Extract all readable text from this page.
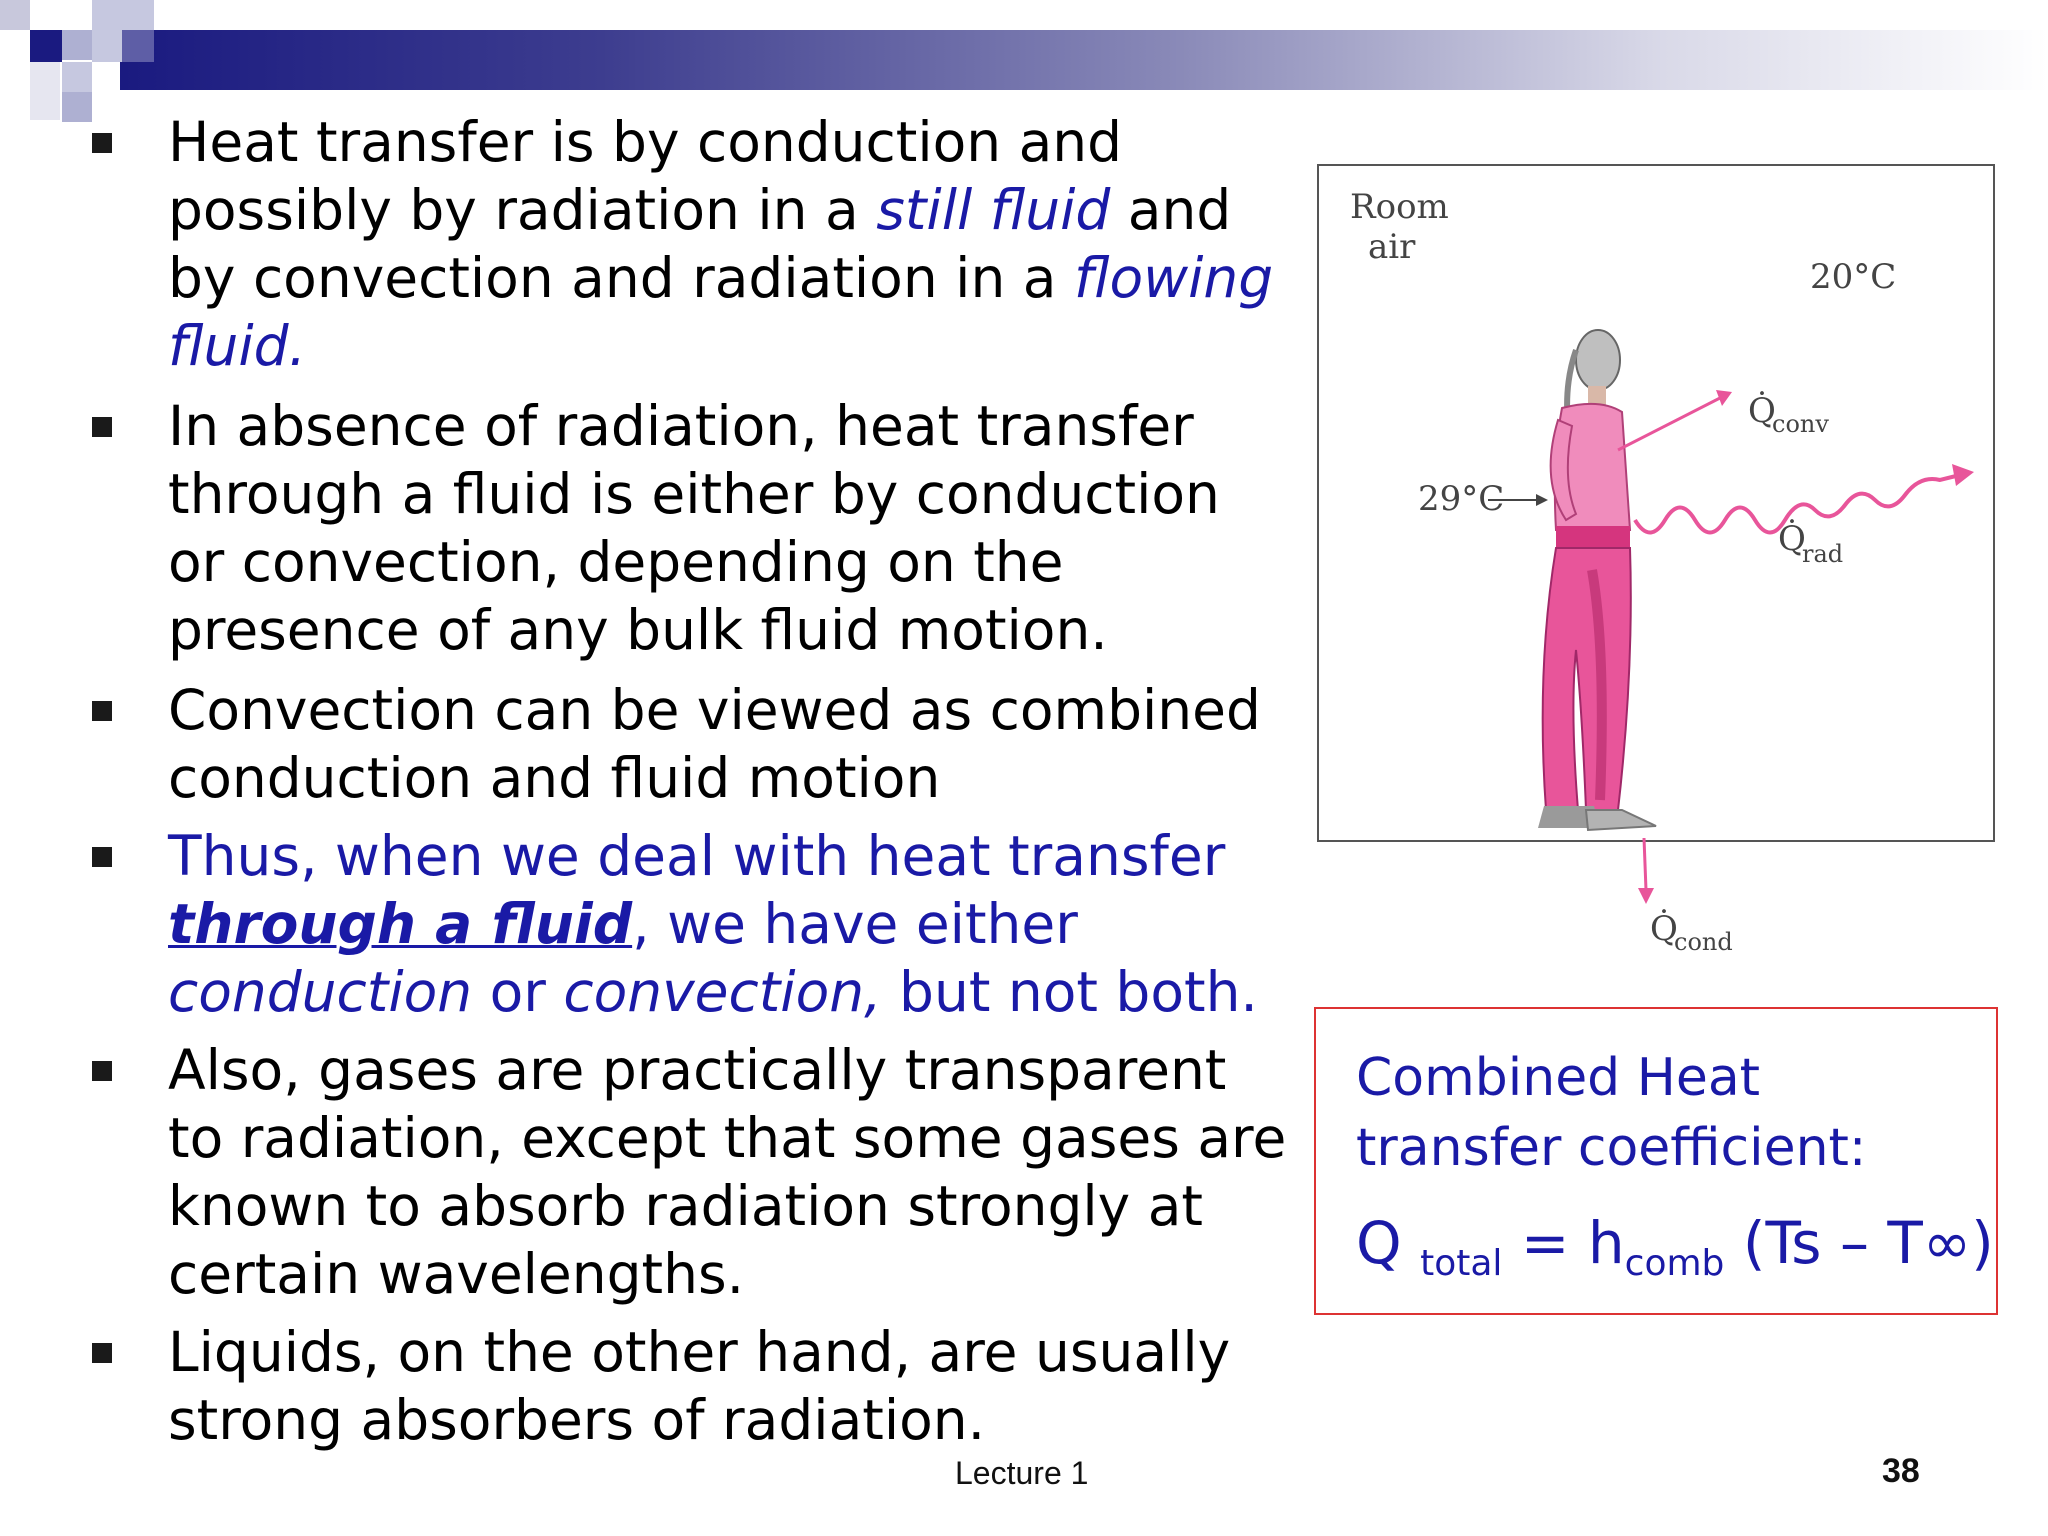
Heat transfer is by conduction and possibly by radiation in a still fluid and by convection and radiation in a flowing fluid.
In absence of radiation, heat transfer through a fluid is either by conduction or convection, depending on the presence of any bulk fluid motion.
Convection can be viewed as combined conduction and fluid motion
Thus, when we deal with heat transfer through a fluid, we have either conduction or convection, but not both.
Also, gases are practically transparent to radiation, except that some gases are known to absorb radiation strongly at certain wavelengths.
Liquids, on the other hand, are usually strong absorbers of radiation.
Room
air
20°C
29°C
Q̇
conv
Q̇
rad
Q̇
cond
Combined Heat
transfer coefficient:
Q $_{total} = h_{comb}$ (Ts – T∞)
Lecture 1	38
